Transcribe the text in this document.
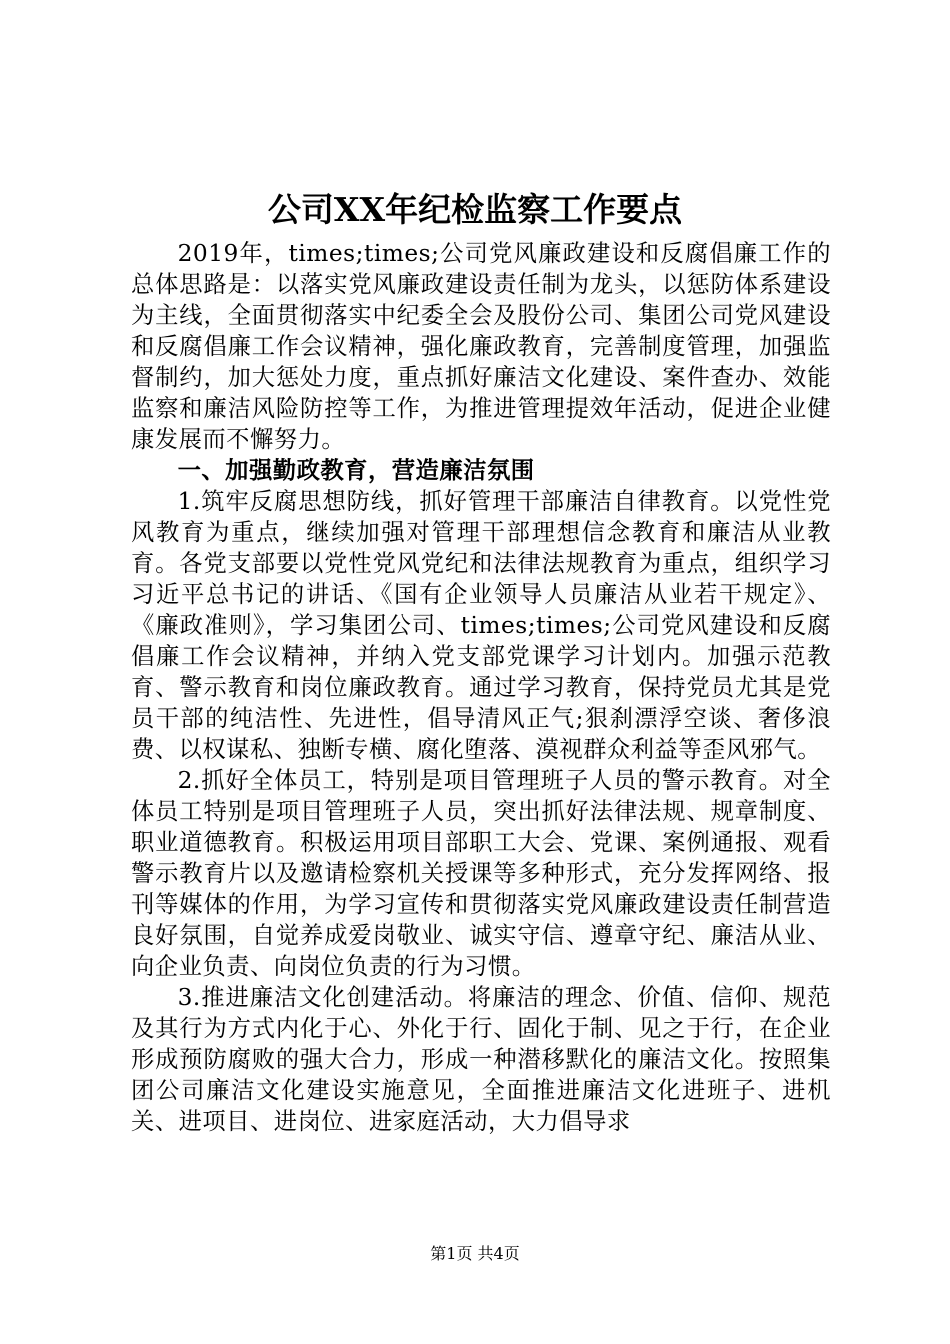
公司XX年纪检监察工作要点

2019年，times;times;公司党风廉政建设和反腐倡廉工作的总体思路是：以落实党风廉政建设责任制为龙头，以惩防体系建设为主线，全面贯彻落实中纪委全会及股份公司、集团公司党风建设和反腐倡廉工作会议精神，强化廉政教育，完善制度管理，加强监督制约，加大惩处力度，重点抓好廉洁文化建设、案件查办、效能监察和廉洁风险防控等工作，为推进管理提效年活动，促进企业健康发展而不懈努力。

一、加强勤政教育，营造廉洁氛围

1.筑牢反腐思想防线，抓好管理干部廉洁自律教育。以党性党风教育为重点，继续加强对管理干部理想信念教育和廉洁从业教育。各党支部要以党性党风党纪和法律法规教育为重点，组织学习习近平总书记的讲话、《国有企业领导人员廉洁从业若干规定》、《廉政准则》，学习集团公司、times;times;公司党风建设和反腐倡廉工作会议精神，并纳入党支部党课学习计划内。加强示范教育、警示教育和岗位廉政教育。通过学习教育，保持党员尤其是党员干部的纯洁性、先进性，倡导清风正气;狠刹漂浮空谈、奢侈浪费、以权谋私、独断专横、腐化堕落、漠视群众利益等歪风邪气。

2.抓好全体员工，特别是项目管理班子人员的警示教育。对全体员工特别是项目管理班子人员，突出抓好法律法规、规章制度、职业道德教育。积极运用项目部职工大会、党课、案例通报、观看警示教育片以及邀请检察机关授课等多种形式，充分发挥网络、报刊等媒体的作用，为学习宣传和贯彻落实党风廉政建设责任制营造良好氛围，自觉养成爱岗敬业、诚实守信、遵章守纪、廉洁从业、向企业负责、向岗位负责的行为习惯。

3.推进廉洁文化创建活动。将廉洁的理念、价值、信仰、规范及其行为方式内化于心、外化于行、固化于制、见之于行，在企业形成预防腐败的强大合力，形成一种潜移默化的廉洁文化。按照集团公司廉洁文化建设实施意见，全面推进廉洁文化进班子、进机关、进项目、进岗位、进家庭活动，大力倡导求

第1页 共4页
